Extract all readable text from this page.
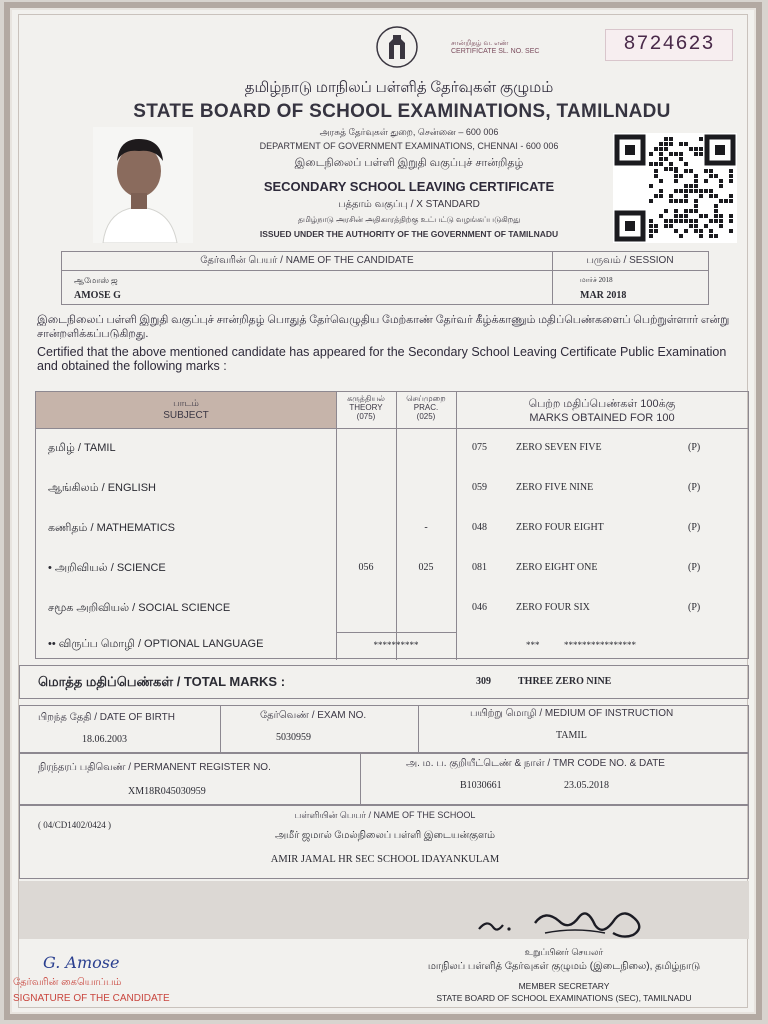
சான்றிதழ் வ. எண்
CERTIFICATE SL. NO. SEC	8724623
தமிழ்நாடு மாநிலப் பள்ளித் தேர்வுகள் குழுமம்
STATE BOARD OF SCHOOL EXAMINATIONS, TAMILNADU
அரசுத் தேர்வுகள் துறை, சென்னை – 600 006
DEPARTMENT OF GOVERNMENT EXAMINATIONS, CHENNAI - 600 006
இடைநிலைப் பள்ளி இறுதி வகுப்புச் சான்றிதழ்
SECONDARY SCHOOL LEAVING CERTIFICATE
பத்தாம் வகுப்பு / X STANDARD
தமிழ்நாடு அரசின் அதிகாரத்திற்கு உட்பட்டு வழங்கப்படுகிறது
ISSUED UNDER THE AUTHORITY OF THE GOVERNMENT OF TAMILNADU
தேர்வரின் பெயர் / NAME OF THE CANDIDATE	பருவம் / SESSION
ஆமோஸ் ஜ
AMOSE G
மார்ச் 2018
MAR 2018
இடைநிலைப் பள்ளி இறுதி வகுப்புச் சான்றிதழ் பொதுத் தேர்வெழுதிய மேற்காண் தேர்வர் கீழ்க்காணும் மதிப்பெண்களைப் பெற்றுள்ளார் என்று சான்றளிக்கப்படுகிறது.
Certified that the above mentioned candidate has appeared for the Secondary School Leaving Certificate Public Examination and obtained the following marks :
பாடம்
SUBJECT
கருத்தியல்
THEORY
(075)
செய்முறை
PRAC.
(025)
பெற்ற மதிப்பெண்கள் 100க்கு
MARKS OBTAINED FOR 100
தமிழ் / TAMIL	075	ZERO SEVEN FIVE	(P)
ஆங்கிலம் / ENGLISH	059	ZERO FIVE NINE	(P)
கணிதம் / MATHEMATICS	-	048	ZERO FOUR EIGHT	(P)
• அறிவியல் / SCIENCE	056	025	081	ZERO EIGHT ONE	(P)
சமூக அறிவியல் / SOCIAL SCIENCE	046	ZERO FOUR SIX	(P)
•• விருப்ப மொழி / OPTIONAL LANGUAGE	**********	***	****************
மொத்த மதிப்பெண்கள் / TOTAL MARKS :	309	THREE ZERO NINE
பிறந்த தேதி / DATE OF BIRTH
18.06.2003
தேர்வெண் / EXAM NO.
5030959
பயிற்று மொழி / MEDIUM OF INSTRUCTION
TAMIL
நிரந்தரப் பதிவெண் / PERMANENT REGISTER NO.
XM18R045030959
அ. ம. ப. குறியீட்டெண் & நாள் / TMR CODE NO. & DATE
B1030661	23.05.2018
( 04/CD1402/0424 )
பள்ளியின் பெயர் / NAME OF THE SCHOOL
அமீர் ஜமால் மேல்நிலைப் பள்ளி இடையன்குளம்
AMIR JAMAL HR SEC SCHOOL IDAYANKULAM
G. Amose
தேர்வரின் கையொப்பம்
SIGNATURE OF THE CANDIDATE
உறுப்பினர் செயலர்
மாநிலப் பள்ளித் தேர்வுகள் குழுமம் (இடைநிலை), தமிழ்நாடு
MEMBER SECRETARY
STATE BOARD OF SCHOOL EXAMINATIONS (SEC), TAMILNADU
